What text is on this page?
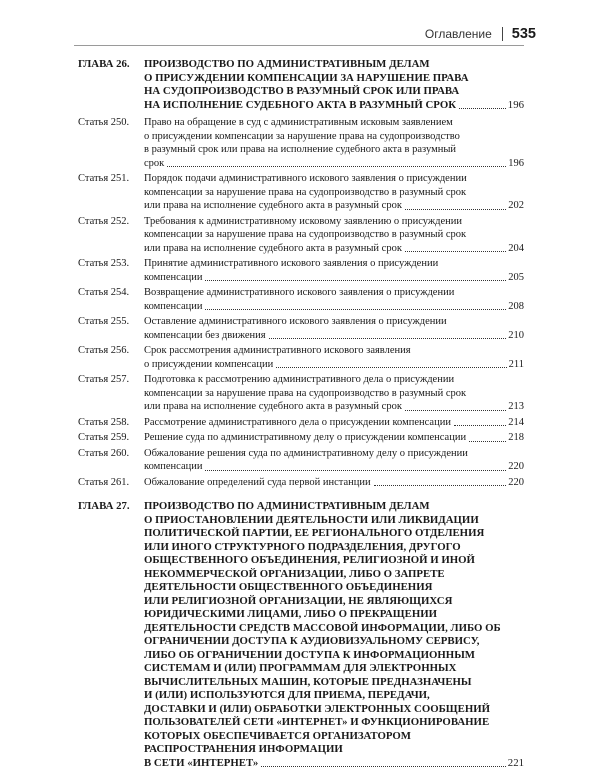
Оглавление 535
ГЛАВА 26.	ПРОИЗВОДСТВО ПО АДМИНИСТРАТИВНЫМ ДЕЛАМ
О ПРИСУЖДЕНИИ КОМПЕНСАЦИИ ЗА НАРУШЕНИЕ ПРАВА
НА СУДОПРОИЗВОДСТВО В РАЗУМНЫЙ СРОК ИЛИ ПРАВА
НА ИСПОЛНЕНИЕ СУДЕБНОГО АКТА В РАЗУМНЫЙ СРОК	196
Статья 250.	Право на обращение в суд с административным исковым заявлением
о присуждении компенсации за нарушение права на судопроизводство
в разумный срок или права на исполнение судебного акта в разумный
срок	196
Статья 251.	Порядок подачи административного искового заявления о присуждении
компенсации за нарушение права на судопроизводство в разумный срок
или права на исполнение судебного акта в разумный срок	202
Статья 252.	Требования к административному исковому заявлению о присуждении
компенсации за нарушение права на судопроизводство в разумный срок
или права на исполнение судебного акта в разумный срок	204
Статья 253.	Принятие административного искового заявления о присуждении
компенсации	205
Статья 254.	Возвращение административного искового заявления о присуждении
компенсации	208
Статья 255.	Оставление административного искового заявления о присуждении
компенсации без движения	210
Статья 256.	Срок рассмотрения административного искового заявления
о присуждении компенсации	211
Статья 257.	Подготовка к рассмотрению административного дела о присуждении
компенсации за нарушение права на судопроизводство в разумный срок
или права на исполнение судебного акта в разумный срок	213
Статья 258.	Рассмотрение административного дела о присуждении компенсации	214
Статья 259.	Решение суда по административному делу о присуждении компенсации	218
Статья 260.	Обжалование решения суда по административному делу о присуждении
компенсации	220
Статья 261.	Обжалование определений суда первой инстанции	220
ГЛАВА 27.	ПРОИЗВОДСТВО ПО АДМИНИСТРАТИВНЫМ ДЕЛАМ
О ПРИОСТАНОВЛЕНИИ ДЕЯТЕЛЬНОСТИ ИЛИ ЛИКВИДАЦИИ
ПОЛИТИЧЕСКОЙ ПАРТИИ, ЕЕ РЕГИОНАЛЬНОГО ОТДЕЛЕНИЯ
ИЛИ ИНОГО СТРУКТУРНОГО ПОДРАЗДЕЛЕНИЯ, ДРУГОГО
ОБЩЕСТВЕННОГО ОБЪЕДИНЕНИЯ, РЕЛИГИОЗНОЙ И ИНОЙ
НЕКОММЕРЧЕСКОЙ ОРГАНИЗАЦИИ, ЛИБО О ЗАПРЕТЕ
ДЕЯТЕЛЬНОСТИ ОБЩЕСТВЕННОГО ОБЪЕДИНЕНИЯ
ИЛИ РЕЛИГИОЗНОЙ ОРГАНИЗАЦИИ, НЕ ЯВЛЯЮЩИХСЯ
ЮРИДИЧЕСКИМИ ЛИЦАМИ, ЛИБО О ПРЕКРАЩЕНИИ
ДЕЯТЕЛЬНОСТИ СРЕДСТВ МАССОВОЙ ИНФОРМАЦИИ, ЛИБО ОБ
ОГРАНИЧЕНИИ ДОСТУПА К АУДИОВИЗУАЛЬНОМУ СЕРВИСУ,
ЛИБО ОБ ОГРАНИЧЕНИИ ДОСТУПА К ИНФОРМАЦИОННЫМ
СИСТЕМАМ И (ИЛИ) ПРОГРАММАМ ДЛЯ ЭЛЕКТРОННЫХ
ВЫЧИСЛИТЕЛЬНЫХ МАШИН, КОТОРЫЕ ПРЕДНАЗНАЧЕНЫ
И (ИЛИ) ИСПОЛЬЗУЮТСЯ ДЛЯ ПРИЕМА, ПЕРЕДАЧИ,
ДОСТАВКИ И (ИЛИ) ОБРАБОТКИ ЭЛЕКТРОННЫХ СООБЩЕНИЙ
ПОЛЬЗОВАТЕЛЕЙ СЕТИ «ИНТЕРНЕТ» И ФУНКЦИОНИРОВАНИЕ
КОТОРЫХ ОБЕСПЕЧИВАЕТСЯ ОРГАНИЗАТОРОМ
РАСПРОСТРАНЕНИЯ ИНФОРМАЦИИ
В СЕТИ «ИНТЕРНЕТ»	221
